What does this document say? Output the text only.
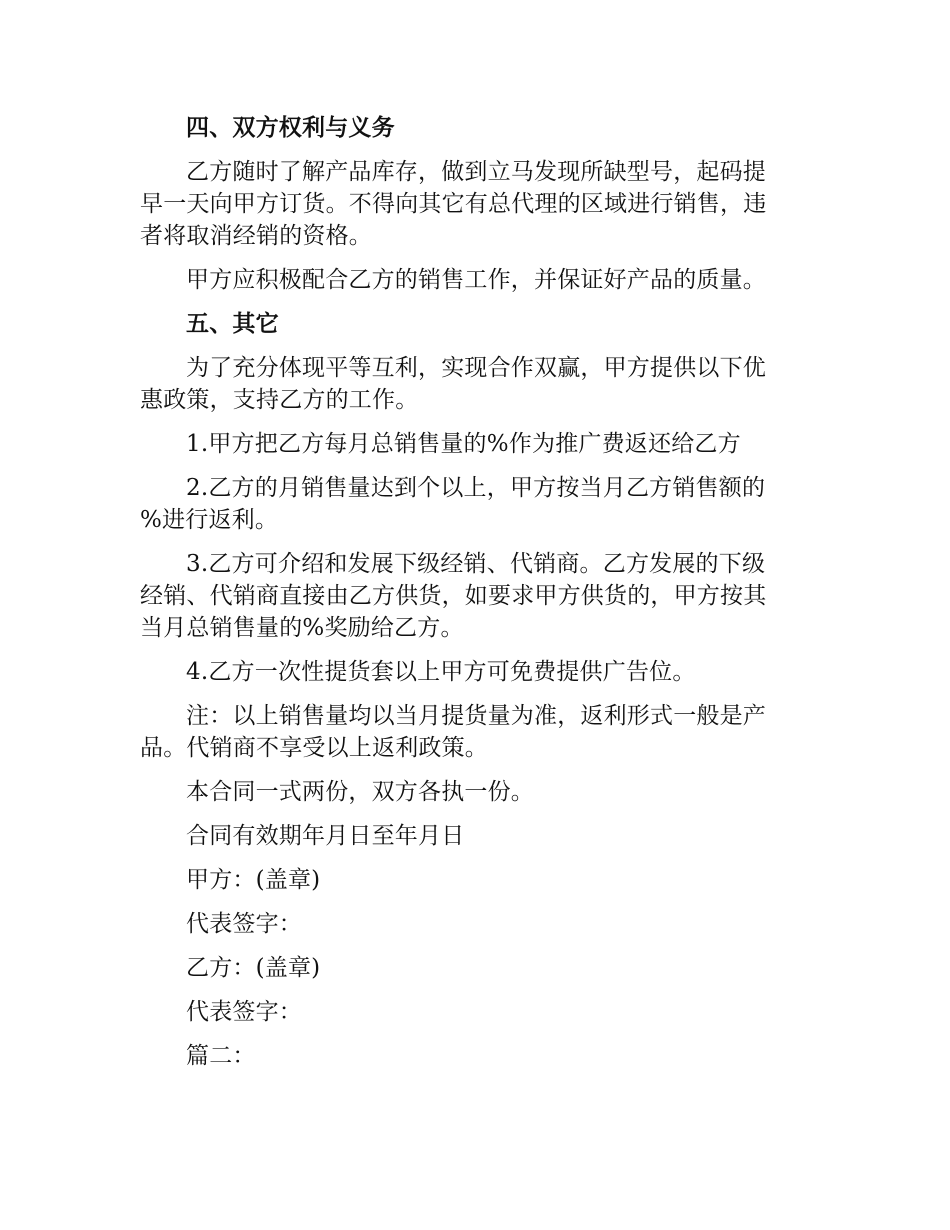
四、双方权利与义务
乙方随时了解产品库存，做到立马发现所缺型号，起码提
早一天向甲方订货。不得向其它有总代理的区域进行销售，违
者将取消经销的资格。
甲方应积极配合乙方的销售工作，并保证好产品的质量。
五、其它
为了充分体现平等互利，实现合作双赢，甲方提供以下优
惠政策，支持乙方的工作。
1.甲方把乙方每月总销售量的%作为推广费返还给乙方
2.乙方的月销售量达到个以上，甲方按当月乙方销售额的
%进行返利。
3.乙方可介绍和发展下级经销、代销商。乙方发展的下级
经销、代销商直接由乙方供货，如要求甲方供货的，甲方按其
当月总销售量的%奖励给乙方。
4.乙方一次性提货套以上甲方可免费提供广告位。
注：以上销售量均以当月提货量为准，返利形式一般是产
品。代销商不享受以上返利政策。
本合同一式两份，双方各执一份。
合同有效期年月日至年月日
甲方：(盖章)
代表签字：
乙方：(盖章)
代表签字：
篇二：
